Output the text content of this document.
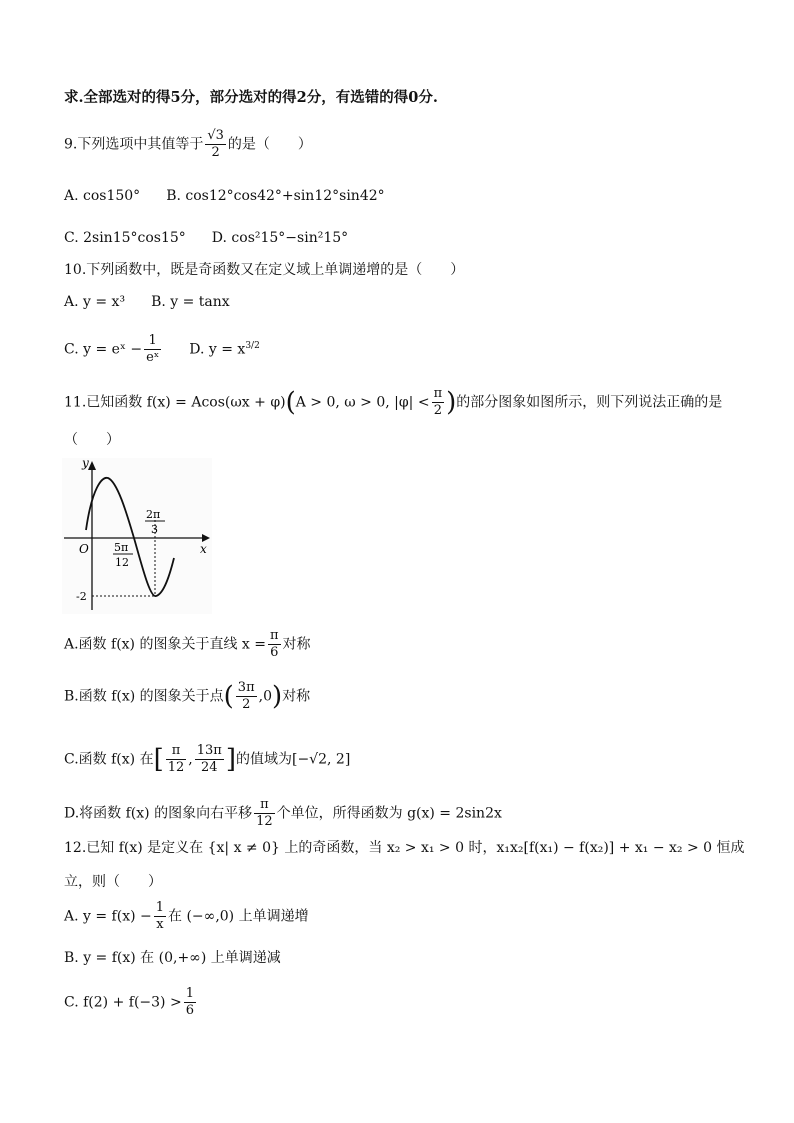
求.全部选对的得5分，部分选对的得2分，有选错的得0分.
9.下列选项中其值等于 $\frac{√3}{2}$ 的是（　　）
A. cos150° B. cos12°cos42°+sin12°sin42°
C. 2sin15°cos15° D. cos²15°−sin²15°
10.下列函数中，既是奇函数又在定义域上单调递增的是（　　）
A. y = x³ B. y = tanx
C. y = eˣ − $\frac{1}{\text{eˣ}} D$. $y = x^{3/2}$
11.已知函数 f(x) = Acos(ωx + φ)(A > 0, ω > 0, $|\varphi| < \frac{\pi}{2}$ )的部分图象如图所示，则下列说法正确的是
（　　）
y
x
O 5π
12
2π
3
-2
A.函数 f(x) 的图象关于直线 $x = \frac{\pi}{6}$ 对称
B.函数 f(x) 的图象关于点( $\frac{3\pi}{2} ,0$)对称
C.函数 f(x) 在[ $\frac{\pi}{12}$ , $\frac{13\pi}{24}$ ]的值域为[−√2, 2]
D.将函数 f(x) 的图象向右平移 $\frac{\pi}{12}$ 个单位，所得函数为 g(x) = 2sin2x
12.已知 f(x) 是定义在 {x| x ≠ 0} 上的奇函数，当 x₂ > x₁ > 0 时，x₁x₂[f(x₁) − f(x₂)] + x₁ − x₂ > 0 恒成
立，则（　　）
A. $y = f(x) - \frac{1}{x}$ 在 (−∞,0) 上单调递增
B. y = f(x) 在 (0,+∞) 上单调递减
C. $f(2) + f(-3) > \frac{1}{6}$
